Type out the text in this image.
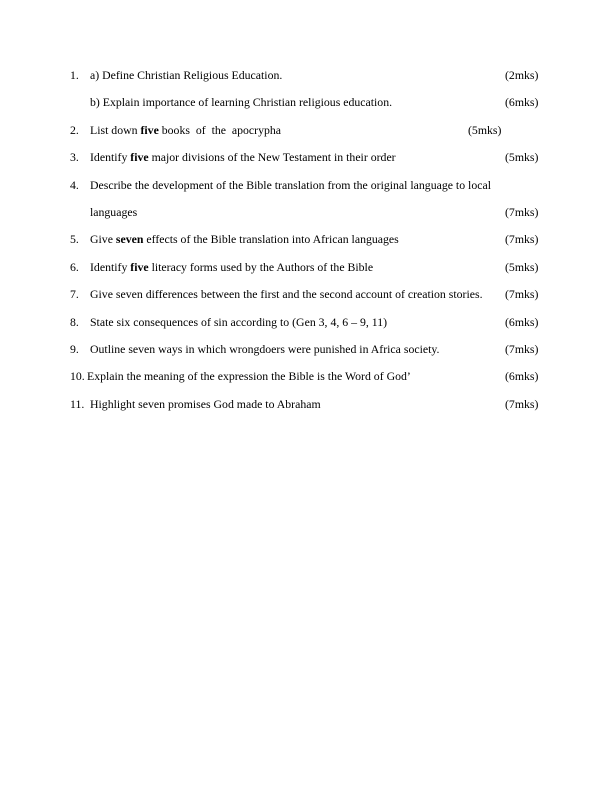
1. a) Define Christian Religious Education.	(2mks)
b) Explain importance of learning Christian religious education.	(6mks)
2. List down five books  of  the  apocrypha	(5mks)
3. Identify five major divisions of the New Testament in their order	(5mks)
4. Describe the development of the Bible translation from the original language to local
languages	(7mks)
5. Give seven effects of the Bible translation into African languages	(7mks)
6. Identify five literacy forms used by the Authors of the Bible	(5mks)
7. Give seven differences between the first and the second account of creation stories. (7mks)
8. State six consequences of sin according to (Gen 3, 4, 6 – 9, 11)	(6mks)
9. Outline seven ways in which wrongdoers were punished in Africa society.	(7mks)
10. Explain the meaning of the expression the Bible is the Word of God’	(6mks)
11. Highlight seven promises God made to Abraham	(7mks)
